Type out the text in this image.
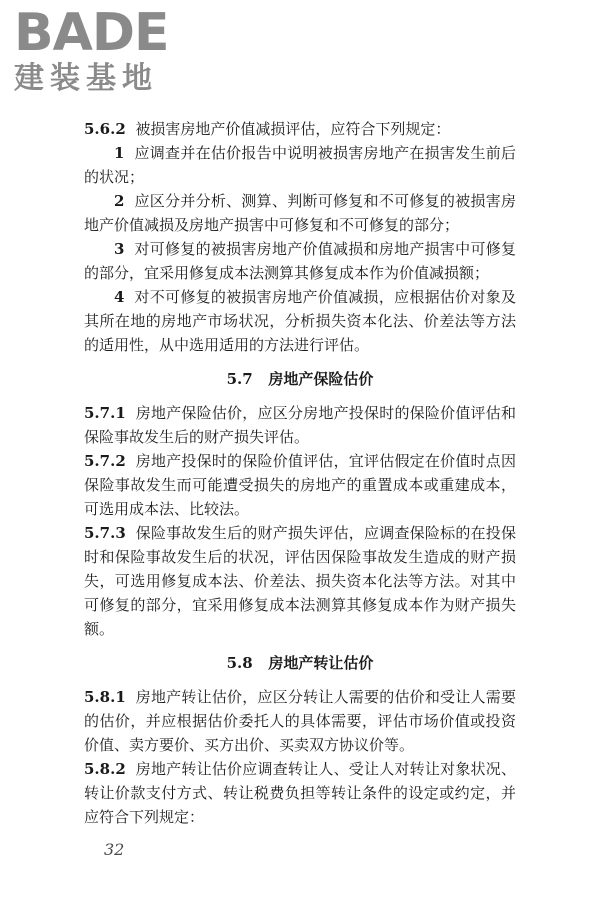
BADE
建装基地

5.6.2 被损害房地产价值减损评估，应符合下列规定：

1 应调查并在估价报告中说明被损害房地产在损害发生前后的状况；

2 应区分并分析、测算、判断可修复和不可修复的被损害房地产价值减损及房地产损害中可修复和不可修复的部分；

3 对可修复的被损害房地产价值减损和房地产损害中可修复的部分，宜采用修复成本法测算其修复成本作为价值减损额；

4 对不可修复的被损害房地产价值减损，应根据估价对象及其所在地的房地产市场状况，分析损失资本化法、价差法等方法的适用性，从中选用适用的方法进行评估。

5.7 房地产保险估价

5.7.1 房地产保险估价，应区分房地产投保时的保险价值评估和保险事故发生后的财产损失评估。

5.7.2 房地产投保时的保险价值评估，宜评估假定在价值时点因保险事故发生而可能遭受损失的房地产的重置成本或重建成本，可选用成本法、比较法。

5.7.3 保险事故发生后的财产损失评估，应调查保险标的在投保时和保险事故发生后的状况，评估因保险事故发生造成的财产损失，可选用修复成本法、价差法、损失资本化法等方法。对其中可修复的部分，宜采用修复成本法测算其修复成本作为财产损失额。

5.8 房地产转让估价

5.8.1 房地产转让估价，应区分转让人需要的估价和受让人需要的估价，并应根据估价委托人的具体需要，评估市场价值或投资价值、卖方要价、买方出价、买卖双方协议价等。

5.8.2 房地产转让估价应调查转让人、受让人对转让对象状况、转让价款支付方式、转让税费负担等转让条件的设定或约定，并应符合下列规定：

32
